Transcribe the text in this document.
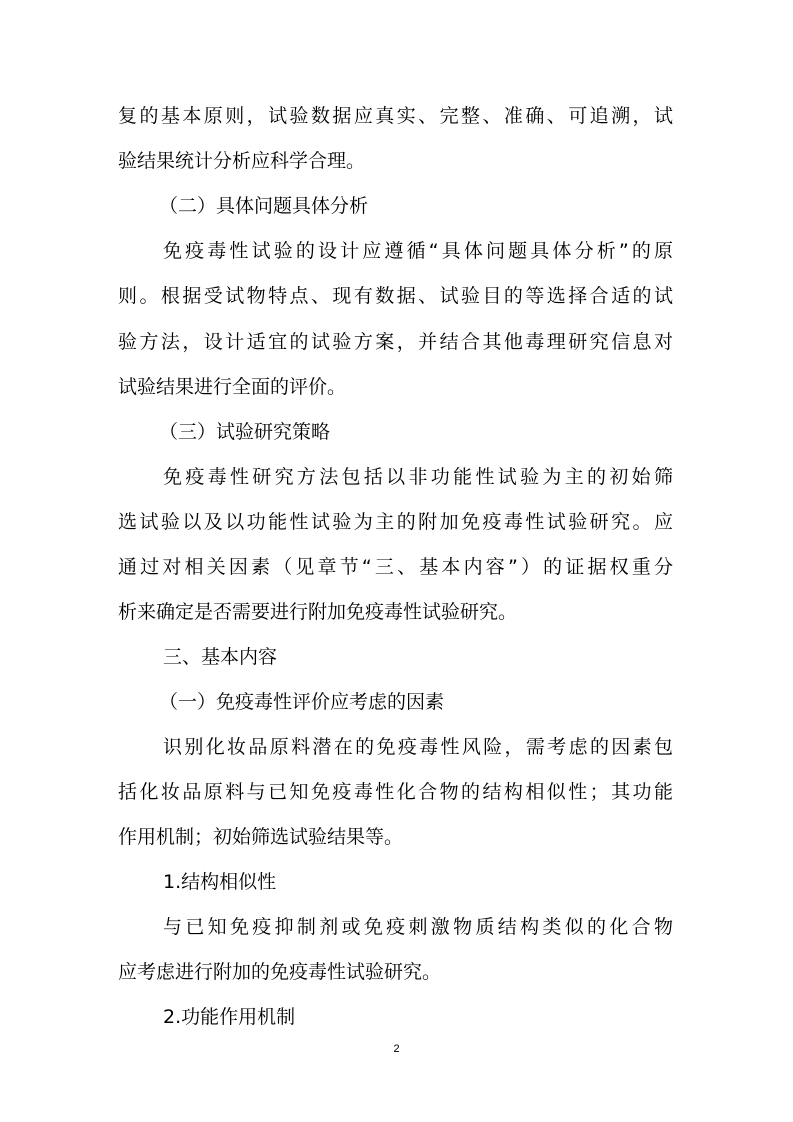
复的基本原则，试验数据应真实、完整、准确、可追溯，试
验结果统计分析应科学合理。
（二）具体问题具体分析
免疫毒性试验的设计应遵循“具体问题具体分析”的原
则。根据受试物特点、现有数据、试验目的等选择合适的试
验方法，设计适宜的试验方案，并结合其他毒理研究信息对
试验结果进行全面的评价。
（三）试验研究策略
免疫毒性研究方法包括以非功能性试验为主的初始筛
选试验以及以功能性试验为主的附加免疫毒性试验研究。应
通过对相关因素（见章节“三、基本内容”）的证据权重分
析来确定是否需要进行附加免疫毒性试验研究。
三、基本内容
（一）免疫毒性评价应考虑的因素
识别化妆品原料潜在的免疫毒性风险，需考虑的因素包
括化妆品原料与已知免疫毒性化合物的结构相似性；其功能
作用机制；初始筛选试验结果等。
1.结构相似性
与已知免疫抑制剂或免疫刺激物质结构类似的化合物
应考虑进行附加的免疫毒性试验研究。
2.功能作用机制
2
